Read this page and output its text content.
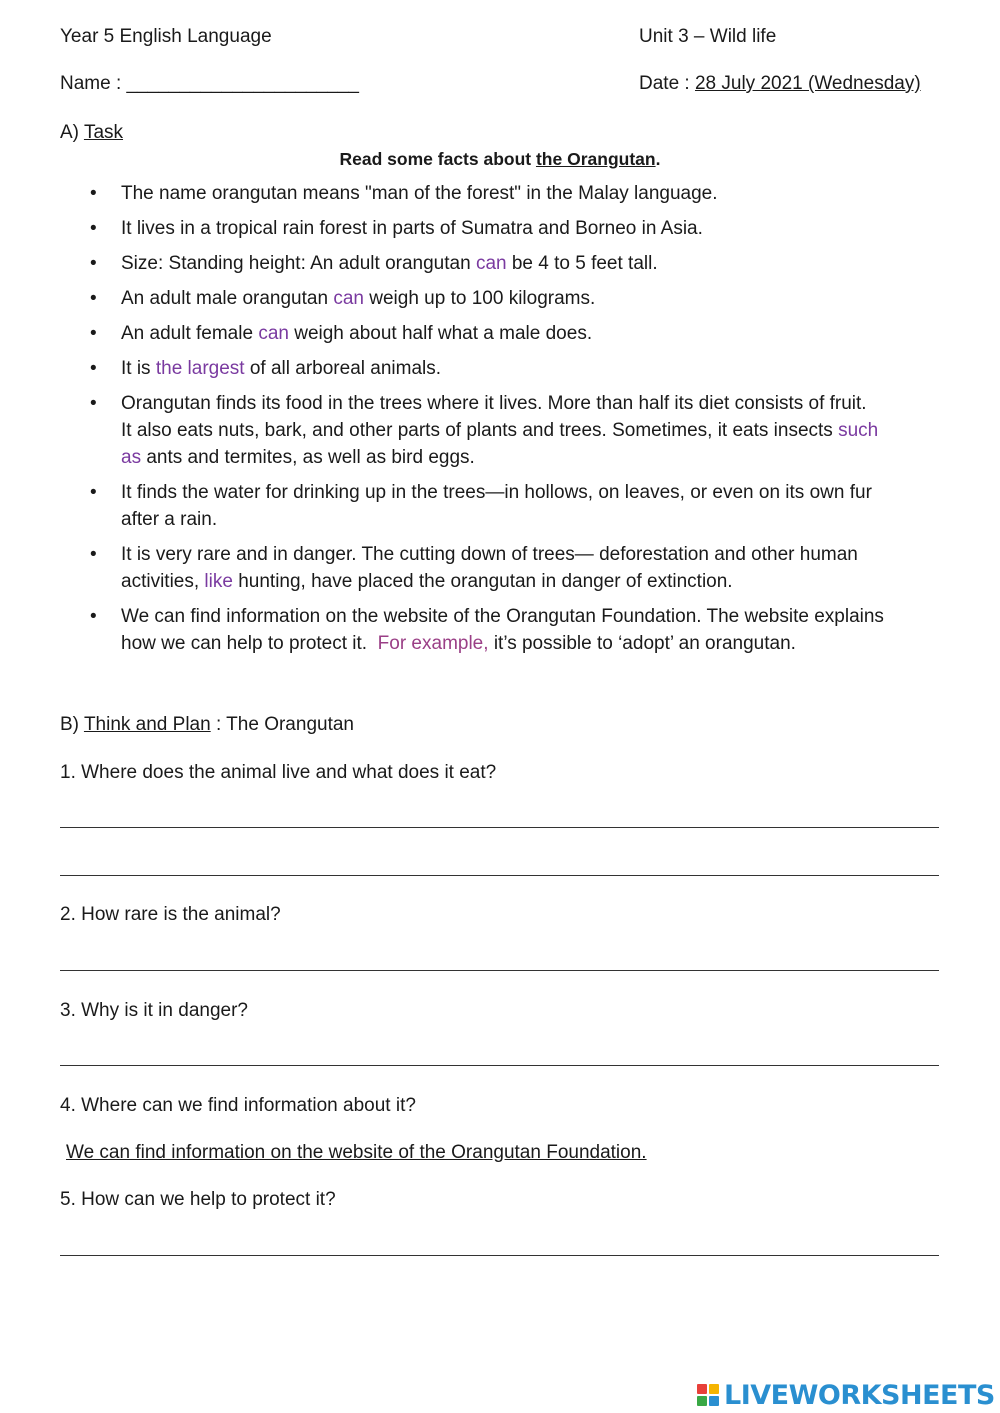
Year 5 English Language	Unit 3 – Wild life
Name : ______________________	Date : 28 July 2021 (Wednesday)
A) Task
Read some facts about the Orangutan.
• The name orangutan means "man of the forest" in the Malay language.
• It lives in a tropical rain forest in parts of Sumatra and Borneo in Asia.
• Size: Standing height: An adult orangutan can be 4 to 5 feet tall.
• An adult male orangutan can weigh up to 100 kilograms.
• An adult female can weigh about half what a male does.
• It is the largest of all arboreal animals.
• Orangutan finds its food in the trees where it lives. More than half its diet consists of fruit.
It also eats nuts, bark, and other parts of plants and trees. Sometimes, it eats insects such
as ants and termites, as well as bird eggs.
• It finds the water for drinking up in the trees—in hollows, on leaves, or even on its own fur
after a rain.
• It is very rare and in danger. The cutting down of trees— deforestation and other human
activities, like hunting, have placed the orangutan in danger of extinction.
• We can find information on the website of the Orangutan Foundation. The website explains
how we can help to protect it. For example, it’s possible to ‘adopt’ an orangutan.
B) Think and Plan : The Orangutan
1. Where does the animal live and what does it eat?
2. How rare is the animal?
3. Why is it in danger?
4. Where can we find information about it?
We can find information on the website of the Orangutan Foundation.
5. How can we help to protect it?
LIVEWORKSHEETS
